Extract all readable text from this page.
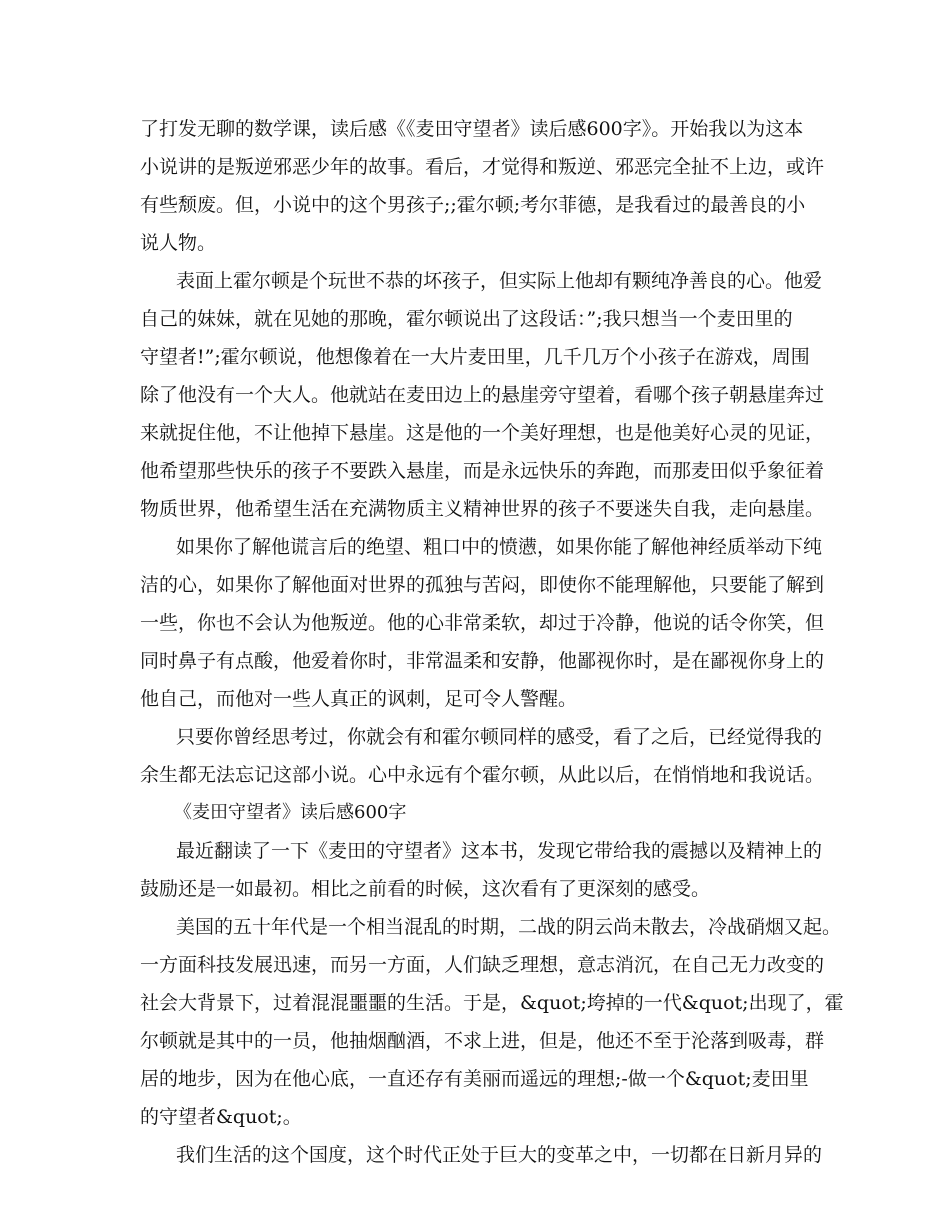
了打发无聊的数学课，读后感《《麦田守望者》读后感600字》。开始我以为这本
小说讲的是叛逆邪恶少年的故事。看后，才觉得和叛逆、邪恶完全扯不上边，或许
有些颓废。但，小说中的这个男孩子;;霍尔顿;考尔菲德，是我看过的最善良的小
说人物。
表面上霍尔顿是个玩世不恭的坏孩子，但实际上他却有颗纯净善良的心。他爱
自己的妹妹，就在见她的那晚，霍尔顿说出了这段话：”;我只想当一个麦田里的
守望者!”;霍尔顿说，他想像着在一大片麦田里，几千几万个小孩子在游戏，周围
除了他没有一个大人。他就站在麦田边上的悬崖旁守望着，看哪个孩子朝悬崖奔过
来就捉住他，不让他掉下悬崖。这是他的一个美好理想，也是他美好心灵的见证，
他希望那些快乐的孩子不要跌入悬崖，而是永远快乐的奔跑，而那麦田似乎象征着
物质世界，他希望生活在充满物质主义精神世界的孩子不要迷失自我，走向悬崖。
如果你了解他谎言后的绝望、粗口中的愤懑，如果你能了解他神经质举动下纯
洁的心，如果你了解他面对世界的孤独与苦闷，即使你不能理解他，只要能了解到
一些，你也不会认为他叛逆。他的心非常柔软，却过于冷静，他说的话令你笑，但
同时鼻子有点酸，他爱着你时，非常温柔和安静，他鄙视你时，是在鄙视你身上的
他自己，而他对一些人真正的讽刺，足可令人警醒。
只要你曾经思考过，你就会有和霍尔顿同样的感受，看了之后，已经觉得我的
余生都无法忘记这部小说。心中永远有个霍尔顿，从此以后，在悄悄地和我说话。
《麦田守望者》读后感600字
最近翻读了一下《麦田的守望者》这本书，发现它带给我的震撼以及精神上的
鼓励还是一如最初。相比之前看的时候，这次看有了更深刻的感受。
美国的五十年代是一个相当混乱的时期，二战的阴云尚未散去，冷战硝烟又起。
一方面科技发展迅速，而另一方面，人们缺乏理想，意志消沉，在自己无力改变的
社会大背景下，过着混混噩噩的生活。于是，&quot;垮掉的一代&quot;出现了，霍
尔顿就是其中的一员，他抽烟酗酒，不求上进，但是，他还不至于沦落到吸毒，群
居的地步，因为在他心底，一直还存有美丽而遥远的理想;-做一个&quot;麦田里
的守望者&quot;。
我们生活的这个国度，这个时代正处于巨大的变革之中，一切都在日新月异的
